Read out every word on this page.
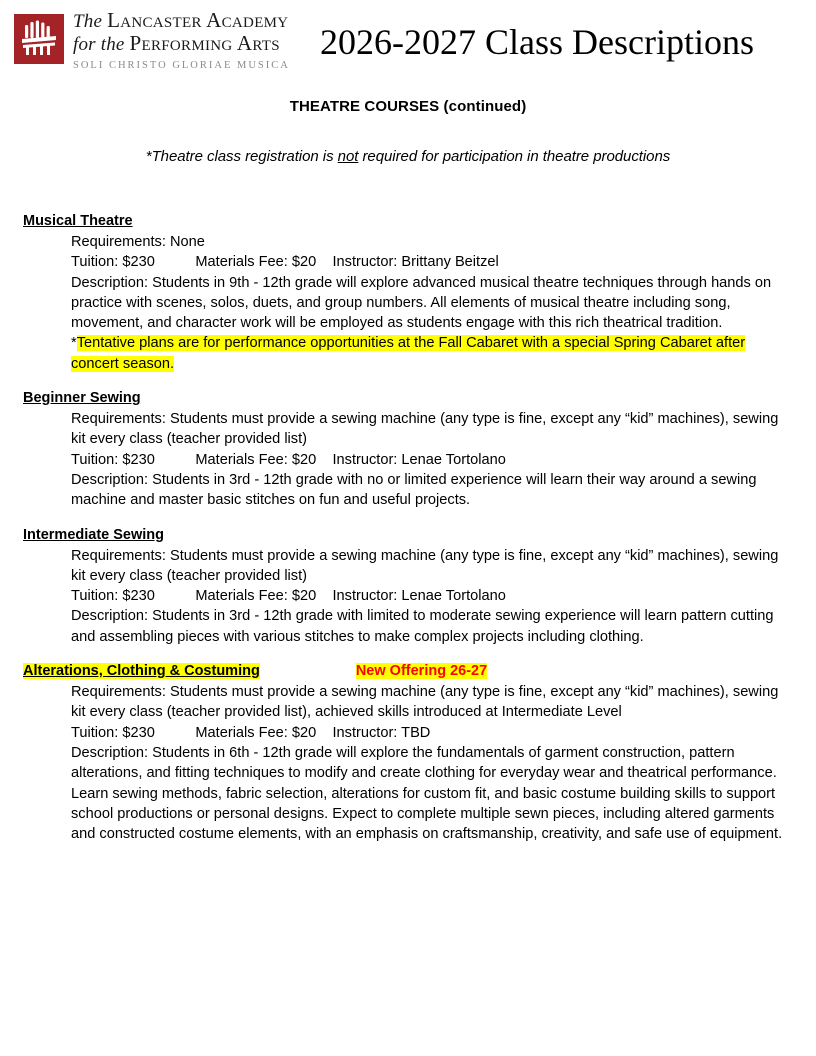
The Lancaster Academy
for the Performing Arts
SOLI CHRISTO GLORIAE MUSICA
2026-2027 Class Descriptions
THEATRE COURSES (continued)
*Theatre class registration is not required for participation in theatre productions
Musical Theatre
Requirements: None
Tuition: $230	Materials Fee: $20 Instructor: Brittany Beitzel
Description: Students in 9th - 12th grade will explore advanced musical theatre techniques through hands on practice with scenes, solos, duets, and group numbers. All elements of musical theatre including song, movement, and character work will be employed as students engage with this rich theatrical tradition.
*Tentative plans are for performance opportunities at the Fall Cabaret with a special Spring Cabaret after concert season.
Beginner Sewing
Requirements: Students must provide a sewing machine (any type is fine, except any “kid” machines), sewing kit every class (teacher provided list)
Tuition: $230	Materials Fee: $20 Instructor: Lenae Tortolano
Description: Students in 3rd - 12th grade with no or limited experience will learn their way around a sewing machine and master basic stitches on fun and useful projects.
Intermediate Sewing
Requirements: Students must provide a sewing machine (any type is fine, except any “kid” machines), sewing kit every class (teacher provided list)
Tuition: $230	Materials Fee: $20 Instructor: Lenae Tortolano
Description: Students in 3rd - 12th grade with limited to moderate sewing experience will learn pattern cutting and assembling pieces with various stitches to make complex projects including clothing.
Alterations, Clothing & Costuming	New Offering 26-27
Requirements: Students must provide a sewing machine (any type is fine, except any “kid” machines), sewing kit every class (teacher provided list), achieved skills introduced at Intermediate Level
Tuition: $230	Materials Fee: $20 Instructor: TBD
Description: Students in 6th - 12th grade will explore the fundamentals of garment construction, pattern alterations, and fitting techniques to modify and create clothing for everyday wear and theatrical performance. Learn sewing methods, fabric selection, alterations for custom fit, and basic costume building skills to support school productions or personal designs. Expect to complete multiple sewn pieces, including altered garments and constructed costume elements, with an emphasis on craftsmanship, creativity, and safe use of equipment.
